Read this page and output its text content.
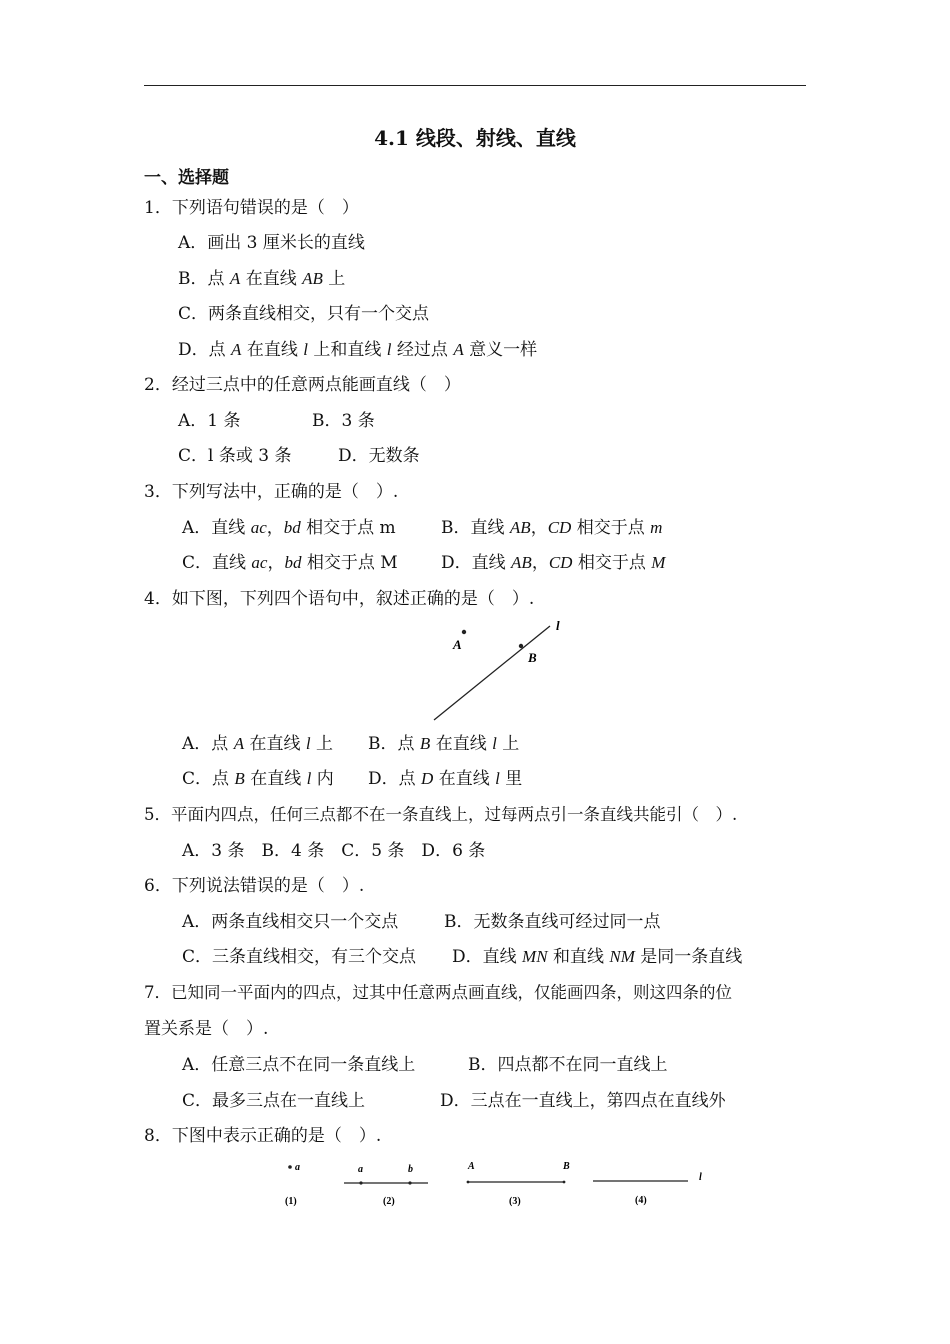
4.1 线段、射线、直线
一、选择题
1．下列语句错误的是（　）
A．画出 3 厘米长的直线
B．点 A 在直线 AB 上
C．两条直线相交，只有一个交点
D．点 A 在直线 l 上和直线 l 经过点 A 意义一样
2．经过三点中的任意两点能画直线（　）
A．1 条	B．3 条
C．l 条或 3 条	D．无数条
3．下列写法中，正确的是（　）.
A．直线 ac，bd 相交于点 m	B．直线 AB，CD 相交于点 m
C．直线 ac，bd 相交于点 M	D．直线 AB，CD 相交于点 M
4．如下图，下列四个语句中，叙述正确的是（　）.
A
B
l
A．点 A 在直线 l 上 B．点 B 在直线 l 上
C．点 B 在直线 l 内 D．点 D 在直线 l 里
5．平面内四点，任何三点都不在一条直线上，过每两点引一条直线共能引（　）.
A．3 条　B．4 条　C．5 条　D．6 条
6．下列说法错误的是（　）.
A．两条直线相交只一个交点	B．无数条直线可经过同一点
C．三条直线相交，有三个交点 D．直线 MN 和直线 NM 是同一条直线
7．已知同一平面内的四点，过其中任意两点画直线，仅能画四条，则这四条的位
置关系是（　）.
A．任意三点不在同一条直线上	B．四点都不在同一直线上
C．最多三点在一直线上	D．三点在一直线上，第四点在直线外
8．下图中表示正确的是（　）.
a
(1)
a	b
(2)
A	B
(3)
l
(4)
